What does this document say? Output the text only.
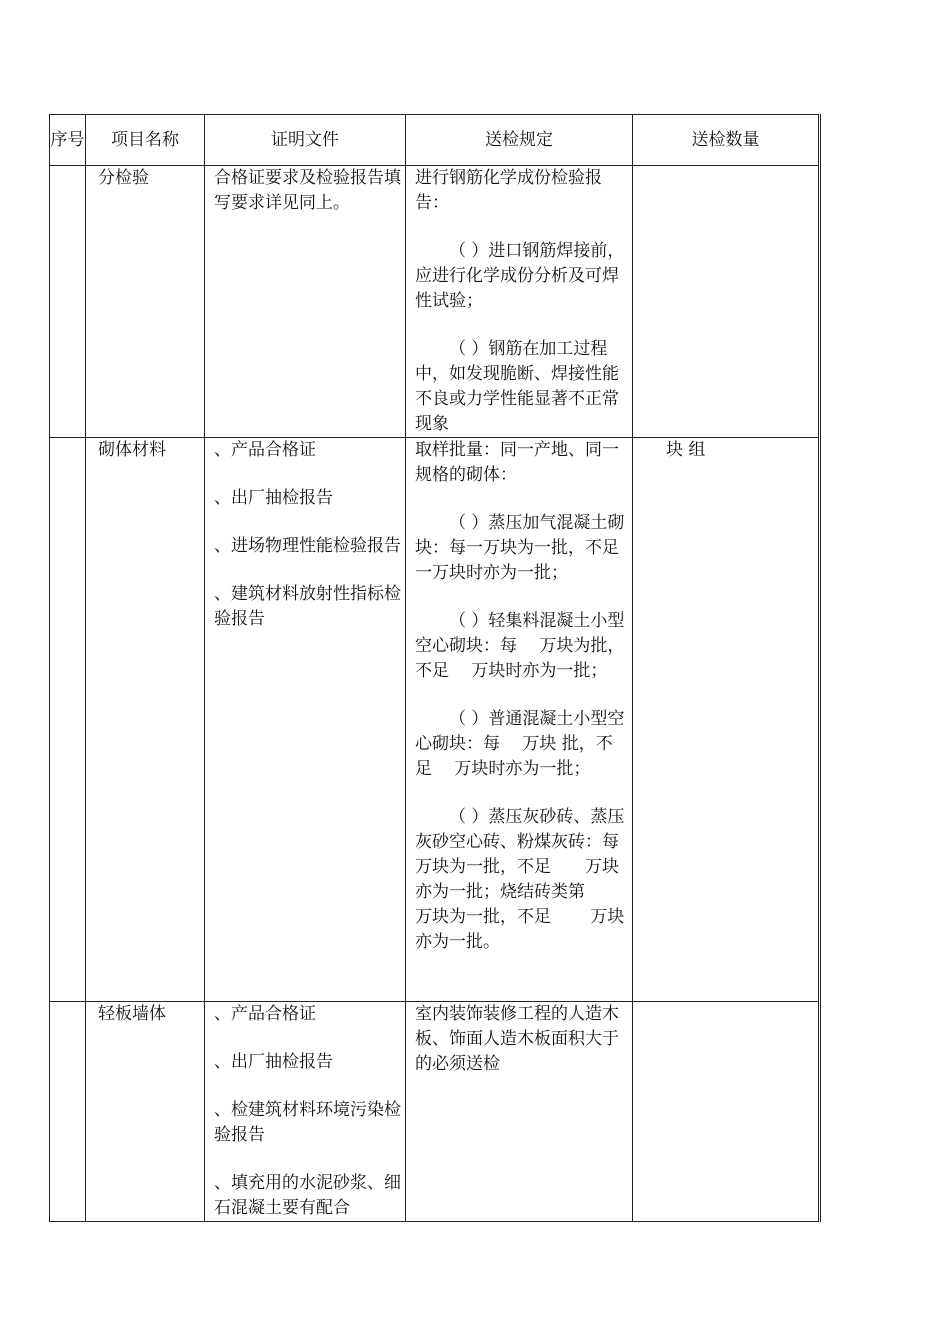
序号	项目名称	证明文件	送检规定	送检数量
	分检验	合格证要求及检验报告填写要求详见同上。	进行钢筋化学成份检验报告：
（ ）进口钢筋焊接前，应进行化学成份分析及可焊性试验；
（ ）钢筋在加工过程中，如发现脆断、焊接性能不良或力学性能显著不正常现象	

	砌体材料	、产品合格证
、出厂抽检报告
、进场物理性能检验报告
、建筑材料放射性指标检验报告	取样批量：同一产地、同一规格的砌体：
（ ）蒸压加气混凝土砌块：每一万块为一批，不足一万块时亦为一批；
（ ）轻集料混凝土小型空心砌块：每　 万块为批，不足　 万块时亦为一批；
（ ）普通混凝土小型空心砌块：每　 万块 批，不足　 万块时亦为一批；
（ ）蒸压灰砂砖、蒸压灰砂空心砖、粉煤灰砖：每　　万块为一批，不足　　万块亦为一批；烧结砖类第　　 万块为一批，不足　　 万块亦为一批。	块 组
	轻板墙体	、产品合格证
、出厂抽检报告
、检建筑材料环境污染检验报告
、填充用的水泥砂浆、细石混凝土要有配合	室内装饰装修工程的人造木板、饰面人造木板面积大于　　　的必须送检	
